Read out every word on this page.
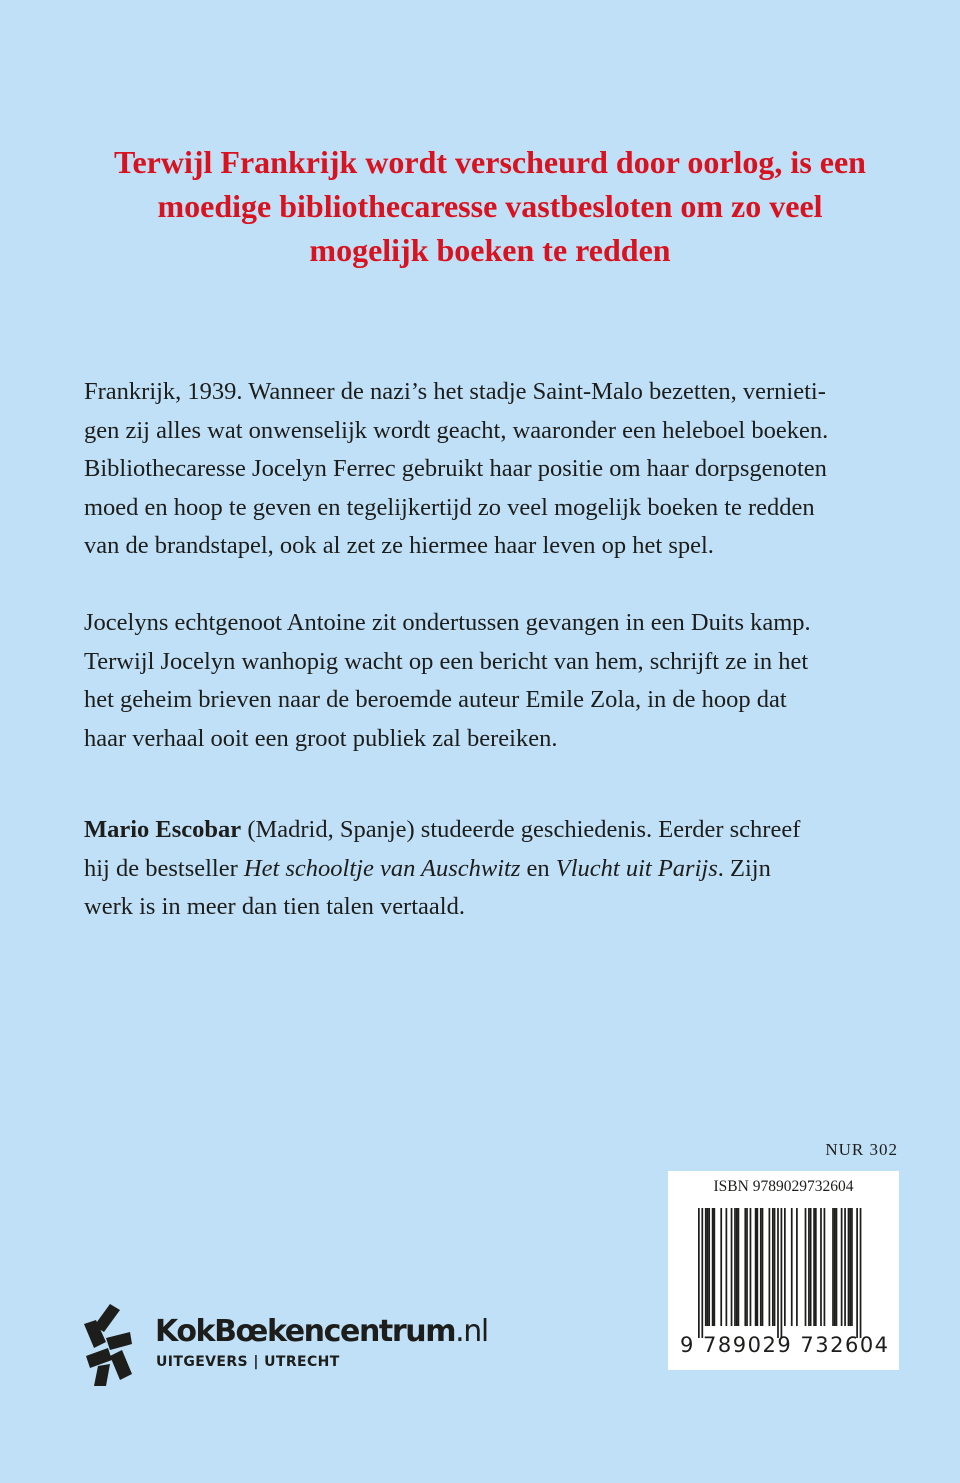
Terwijl Frankrijk wordt verscheurd door oorlog, is een
moedige bibliothecaresse vastbesloten om zo veel
mogelijk boeken te redden

Frankrijk, 1939. Wanneer de nazi’s het stadje Saint-Malo bezetten, vernieti-
gen zij alles wat onwenselijk wordt geacht, waaronder een heleboel boeken.
Bibliothecaresse Jocelyn Ferrec gebruikt haar positie om haar dorpsgenoten
moed en hoop te geven en tegelijkertijd zo veel mogelijk boeken te redden
van de brandstapel, ook al zet ze hiermee haar leven op het spel.

Jocelyns echtgenoot Antoine zit ondertussen gevangen in een Duits kamp.
Terwijl Jocelyn wanhopig wacht op een bericht van hem, schrijft ze in het
het geheim brieven naar de beroemde auteur Emile Zola, in de hoop dat
haar verhaal ooit een groot publiek zal bereiken.

Mario Escobar (Madrid, Spanje) studeerde geschiedenis. Eerder schreef
hij de bestseller Het schooltje van Auschwitz en Vlucht uit Parijs. Zijn
werk is in meer dan tien talen vertaald.

NUR 302
ISBN 9789029732604
9 789029 732604
KokBœkencentrum.nl
UITGEVERS | UTRECHT
